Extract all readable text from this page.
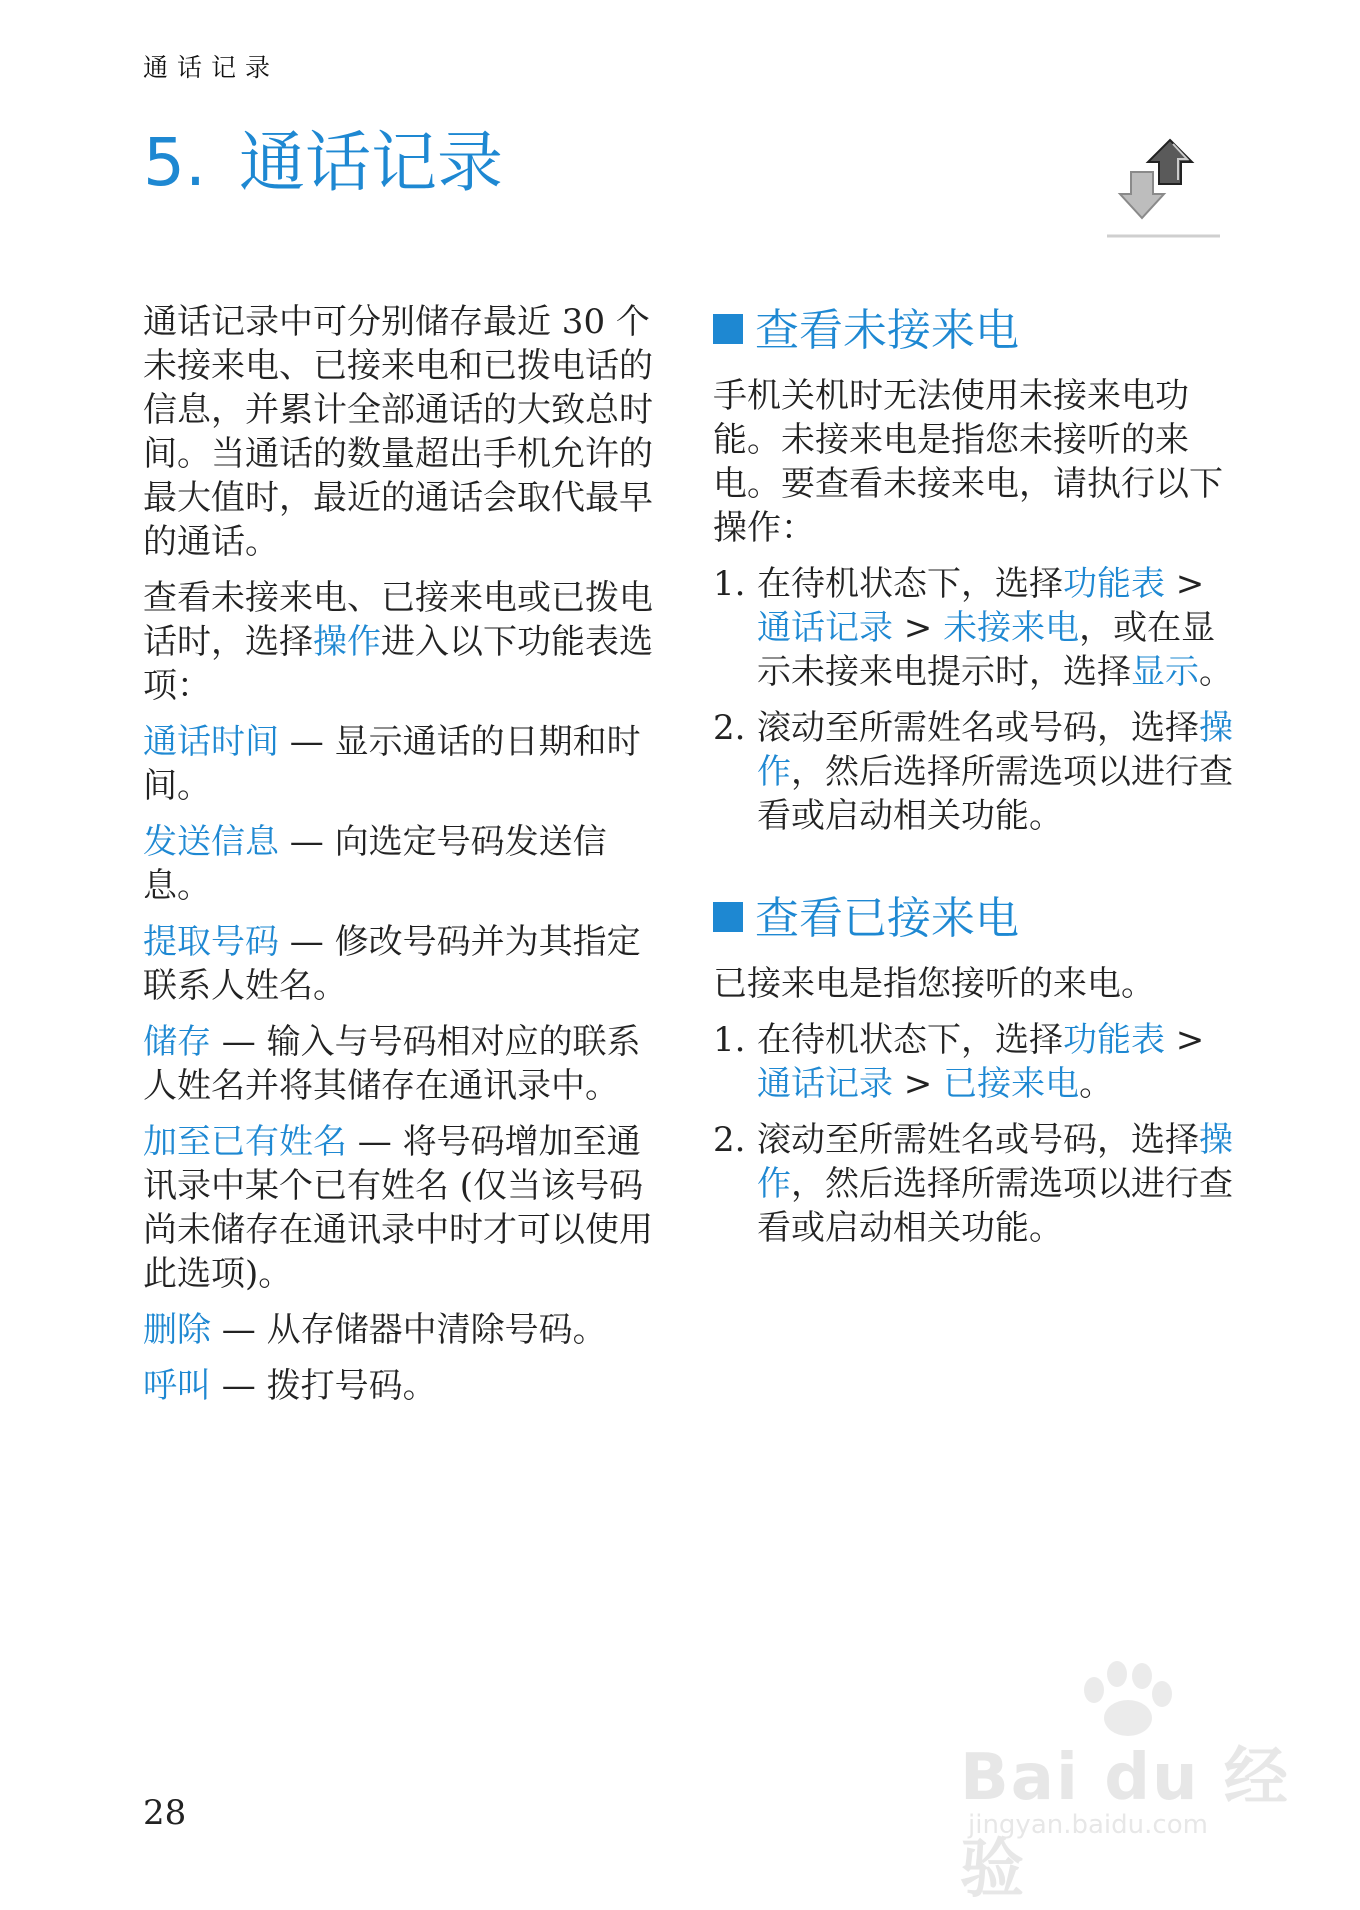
通话记录
5. 通话记录

通话记录中可分别储存最近 30 个未接来电、已接来电和已拨电话的信息，并累计全部通话的大致总时间。当通话的数量超出手机允许的最大值时，最近的通话会取代最早的通话。

查看未接来电、已接来电或已拨电话时，选择操作进入以下功能表选项：

通话时间 — 显示通话的日期和时间。

发送信息 — 向选定号码发送信息。

提取号码 — 修改号码并为其指定联系人姓名。

储存 — 输入与号码相对应的联系人姓名并将其储存在通讯录中。

加至已有姓名 — 将号码增加至通讯录中某个已有姓名 (仅当该号码尚未储存在通讯录中时才可以使用此选项)。

删除 — 从存储器中清除号码。

呼叫 — 拨打号码。

查看未接来电

手机关机时无法使用未接来电功能。未接来电是指您未接听的来电。要查看未接来电，请执行以下操作：

1. 在待机状态下，选择功能表 > 通话记录 > 未接来电，或在显示未接来电提示时，选择显示。
2. 滚动至所需姓名或号码，选择操作，然后选择所需选项以进行查看或启动相关功能。
查看已接来电

已接来电是指您接听的来电。

1. 在待机状态下，选择功能表 > 通话记录 > 已接来电。
2. 滚动至所需姓名或号码，选择操作，然后选择所需选项以进行查看或启动相关功能。
28	Bai du 经验
jingyan.baidu.com
